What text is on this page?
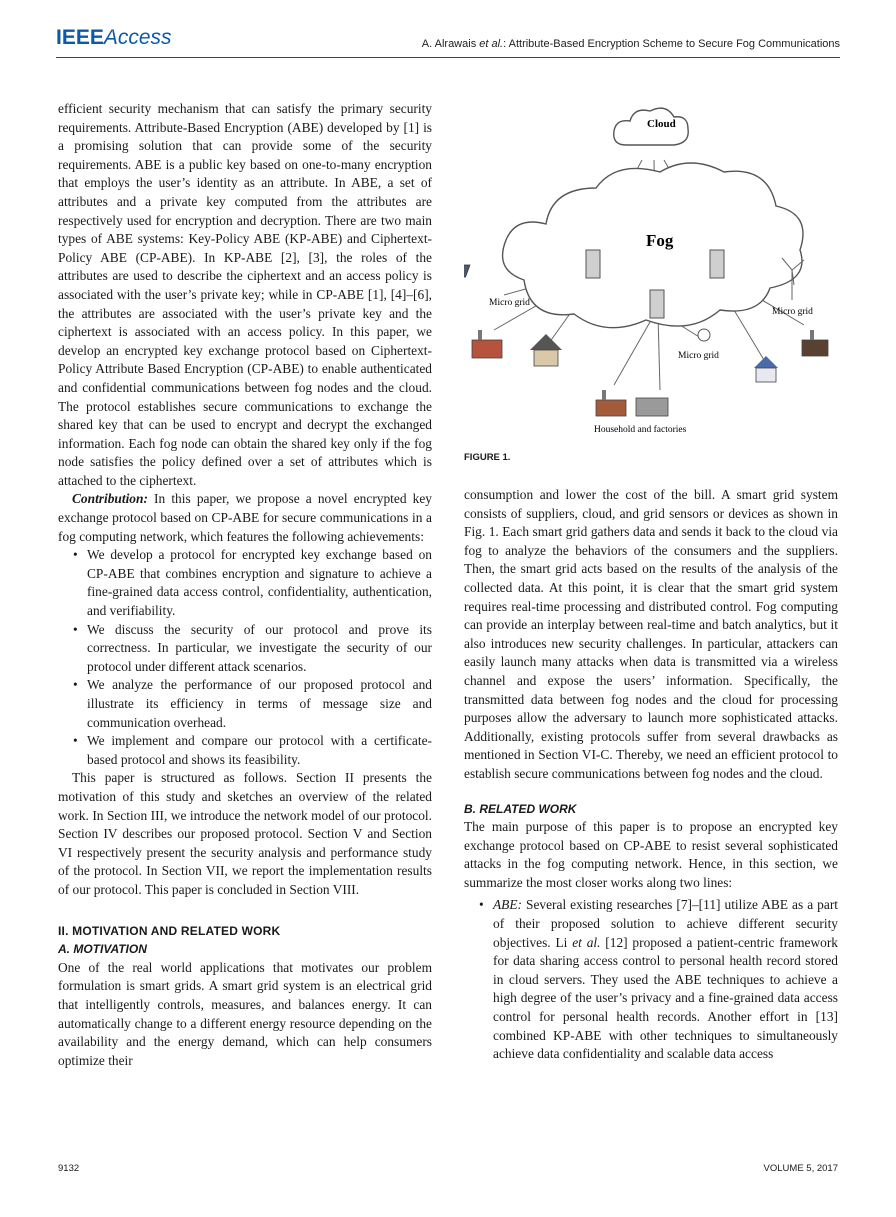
IEEEAccess	A. Alrawais et al.: Attribute-Based Encryption Scheme to Secure Fog Communications

efficient security mechanism that can satisfy the primary security requirements. Attribute-Based Encryption (ABE) developed by [1] is a promising solution that can provide some of the security requirements. ABE is a public key based on one-to-many encryption that employs the user’s identity as an attribute. In ABE, a set of attributes and a private key computed from the attributes are respectively used for encryption and decryption. There are two main types of ABE systems: Key-Policy ABE (KP-ABE) and Ciphertext-Policy ABE (CP-ABE). In KP-ABE [2], [3], the roles of the attributes are used to describe the ciphertext and an access policy is associated with the user’s private key; while in CP-ABE [1], [4]–[6], the attributes are associated with the user’s private key and the ciphertext is associated with an access policy. In this paper, we develop an encrypted key exchange protocol based on Ciphertext-Policy Attribute Based Encryption (CP-ABE) to enable authenticated and confidential communications between fog nodes and the cloud. The protocol establishes secure communications to exchange the shared key that can be used to encrypt and decrypt the exchanged information. Each fog node can obtain the shared key only if the fog node satisfies the policy defined over a set of attributes which is attached to the ciphertext.

Contribution: In this paper, we propose a novel encrypted key exchange protocol based on CP-ABE for secure communications in a fog computing network, which features the following achievements:

• We develop a protocol for encrypted key exchange based on CP-ABE that combines encryption and signature to achieve a fine-grained data access control, confidentiality, authentication, and verifiability.
• We discuss the security of our protocol and prove its correctness. In particular, we investigate the security of our protocol under different attack scenarios.
• We analyze the performance of our proposed protocol and illustrate its efficiency in terms of message size and communication overhead.
• We implement and compare our protocol with a certificate-based protocol and shows its feasibility.

This paper is structured as follows. Section II presents the motivation of this study and sketches an overview of the related work. In Section III, we introduce the network model of our protocol. Section IV describes our proposed protocol. Section V and Section VI respectively present the security analysis and performance study of the protocol. In Section VII, we report the implementation results of our protocol. This paper is concluded in Section VIII.

II. MOTIVATION AND RELATED WORK
A. MOTIVATION

One of the real world applications that motivates our problem formulation is smart grids. A smart grid system is an electrical grid that intelligently controls, measures, and balances energy. It can automatically change to a different energy resource depending on the availability and the energy demand, which can help consumers optimize their

Cloud
Fog
Micro grid
Micro grid
Micro grid
Household and factories
FIGURE 1.

consumption and lower the cost of the bill. A smart grid system consists of suppliers, cloud, and grid sensors or devices as shown in Fig. 1. Each smart grid gathers data and sends it back to the cloud via fog to analyze the behaviors of the consumers and the suppliers. Then, the smart grid acts based on the results of the analysis of the collected data. At this point, it is clear that the smart grid system requires real-time processing and distributed control. Fog computing can provide an interplay between real-time and batch analytics, but it also introduces new security challenges. In particular, attackers can easily launch many attacks when data is transmitted via a wireless channel and expose the users’ information. Specifically, the transmitted data between fog nodes and the cloud for processing purposes allow the adversary to launch more sophisticated attacks. Additionally, existing protocols suffer from several drawbacks as mentioned in Section VI-C. Thereby, we need an efficient protocol to establish secure communications between fog nodes and the cloud.

B. RELATED WORK

The main purpose of this paper is to propose an encrypted key exchange protocol based on CP-ABE to resist several sophisticated attacks in the fog computing network. Hence, in this section, we summarize the most closer works along two lines:

• ABE: Several existing researches [7]–[11] utilize ABE as a part of their proposed solution to achieve different security objectives. Li et al. [12] proposed a patient-centric framework for data sharing access control to personal health record stored in cloud servers. They used the ABE techniques to achieve a high degree of the user’s privacy and a fine-grained data access control for personal health records. Another effort in [13] combined KP-ABE with other techniques to simultaneously achieve data confidentiality and scalable data access
9132	VOLUME 5, 2017
